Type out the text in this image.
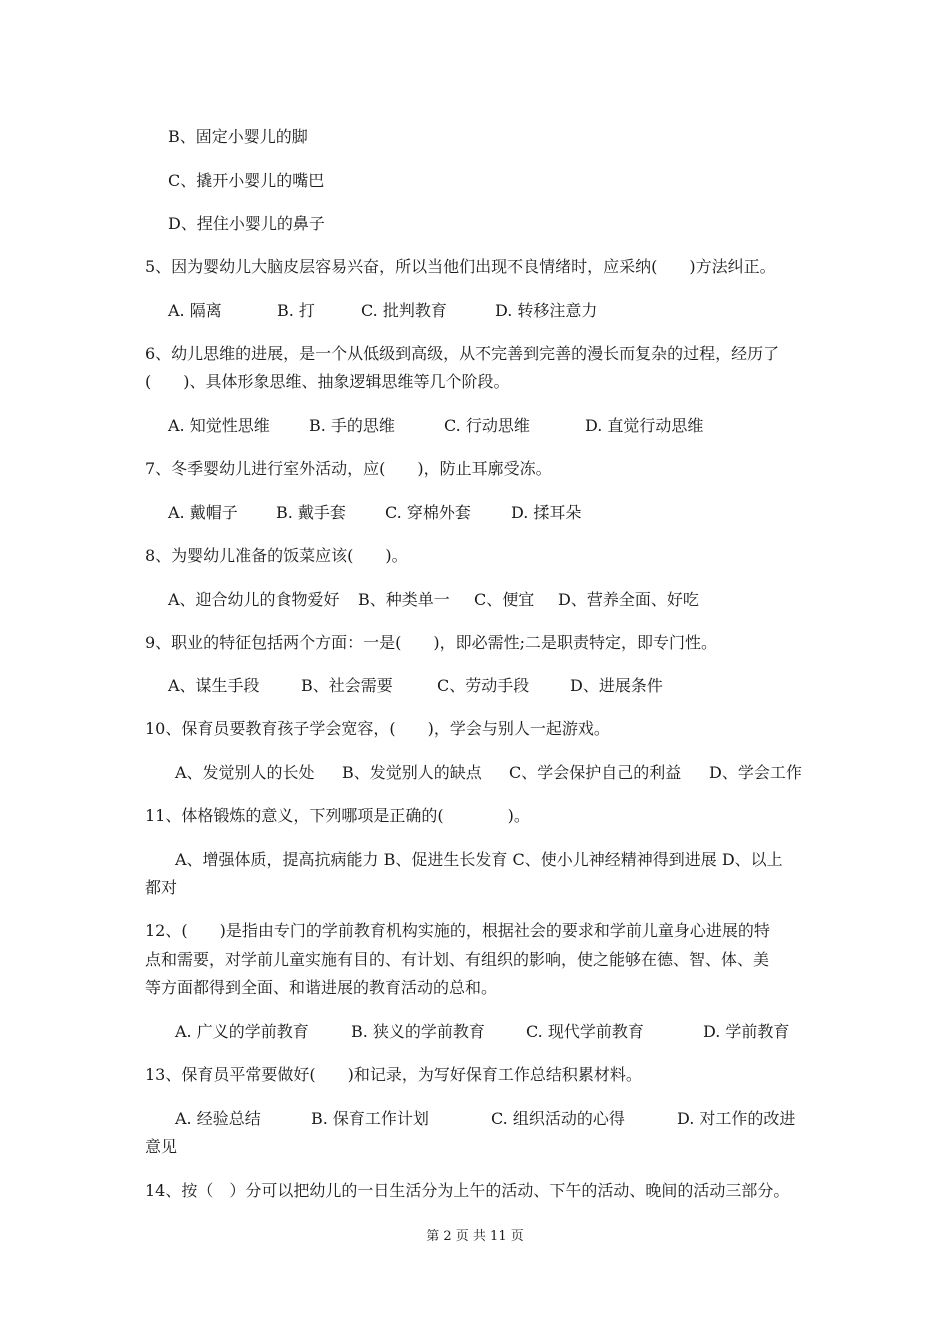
B、固定小婴儿的脚
C、撬开小婴儿的嘴巴
D、捏住小婴儿的鼻子
5、因为婴幼儿大脑皮层容易兴奋，所以当他们出现不良情绪时，应采纳(　　)方法纠正。
A. 隔离	B. 打	C. 批判教育	D. 转移注意力
6、幼儿思维的进展，是一个从低级到高级，从不完善到完善的漫长而复杂的过程，经历了
(　　)、具体形象思维、抽象逻辑思维等几个阶段。
A. 知觉性思维	B. 手的思维	C. 行动思维	D. 直觉行动思维
7、冬季婴幼儿进行室外活动，应(　　)，防止耳廓受冻。
A. 戴帽子	B. 戴手套	C. 穿棉外套	D. 揉耳朵
8、为婴幼儿准备的饭菜应该(　　)。
A、迎合幼儿的食物爱好	B、种类单一	C、便宜	D、营养全面、好吃
9、职业的特征包括两个方面：一是(　　)，即必需性;二是职责特定，即专门性。
A、谋生手段	B、社会需要	C、劳动手段	D、进展条件
10、保育员要教育孩子学会宽容，(　　)，学会与别人一起游戏。
A、发觉别人的长处	B、发觉别人的缺点	C、学会保护自己的利益	D、学会工作
11、体格锻炼的意义，下列哪项是正确的(　　　　)。
A、增强体质，提高抗病能力 B、促进生长发育 C、使小儿神经精神得到进展 D、以上
都对
12、(　　)是指由专门的学前教育机构实施的，根据社会的要求和学前儿童身心进展的特
点和需要，对学前儿童实施有目的、有计划、有组织的影响，使之能够在德、智、体、美
等方面都得到全面、和谐进展的教育活动的总和。
A. 广义的学前教育	B. 狭义的学前教育	C. 现代学前教育	D. 学前教育
13、保育员平常要做好(　　)和记录，为写好保育工作总结积累材料。
A. 经验总结	B. 保育工作计划	C. 组织活动的心得	D. 对工作的改进
意见
14、按（　）分可以把幼儿的一日生活分为上午的活动、下午的活动、晚间的活动三部分。
第 2 页 共 11 页
